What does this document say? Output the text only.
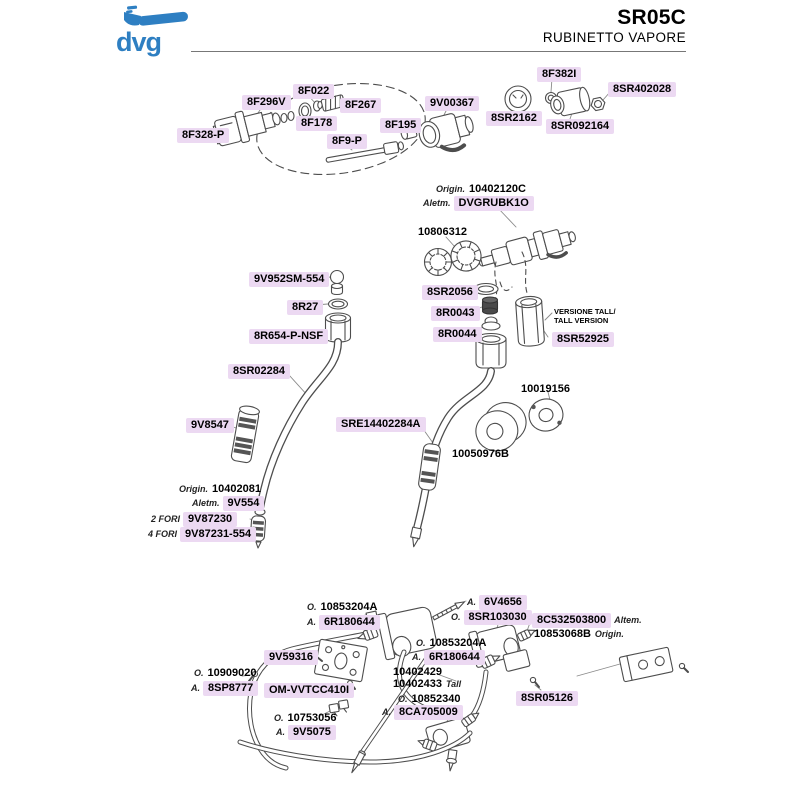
dvg
SR05C
RUBINETTO VAPORE
8F296V
8F022
8F267
8F178	8F195
9V00367
8F328-P	8F9-P
8F382I
8SR402028
8SR2162
8SR092164
Origin. 10402120C
Aletm. DVGRUBK1O
10806312
8SR2056
8R0043
8R0044
VERSIONE TALL/
TALL VERSION
8SR52925
9V952SM-554
8R27
8R654-P-NSF
8SR02284
10019156
SRE14402284A
9V8547
10050976B
Origin. 10402081
Aletm. 9V554
2 FORI 9V87230
4 FORI 9V87231-554
O. 10853204A
A. 6R180644
A. 6V4656
O. 8SR103030 8C532503800 Altem.
10853068B Origin.
O. 10853204A
A. 6R180644
9V59316
O. 10909020
A. 8SP8777	OM-VVTCC410I
10402429
10402433 Tall
O. 10852340
A. 8CA705009
8SR05126
O. 10753056
A. 9V5075
